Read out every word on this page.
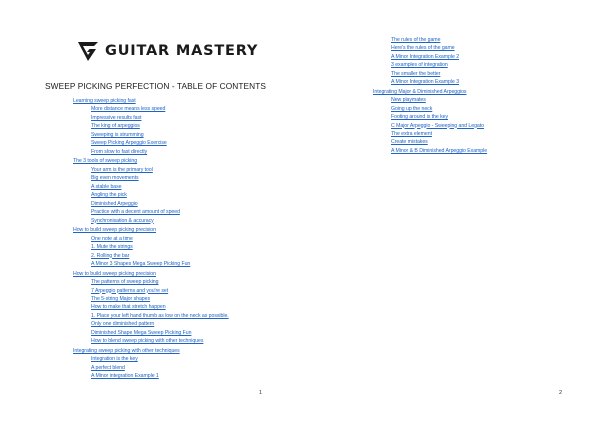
GUITAR MASTERY
SWEEP PICKING PERFECTION - TABLE OF CONTENTS
Learning sweep picking fast
More distance means less speed
Impressive results fast
The king of arpeggios
Sweeping is strumming
Sweep Picking Arpeggio Exercise
From slow to fast directly
The 3 tools of sweep picking
Your arm is the primary tool
Big even movements
A stable base
Angling the pick
Diminished Arpeggio
Practice with a decent amount of speed
Synchronisation & accuracy
How to build sweep picking precision
One note at a time
1. Mute the strings
2. Rolling the bar
A Minor 3 Shapes Mega Sweep Picking Fun
How to build sweep picking precision
The patterns of sweep picking
7 Arpeggio patterns and you're set
The 5-string Major shapes
How to make that stretch happen
1. Place your left hand thumb as low on the neck as possible.
Only one diminished pattern
Diminished Shape Mega Sweep Picking Fun
How to blend sweep picking with other techniques
Integrating sweep picking with other techniques
Integration is the key
A perfect blend
A Minor integration Example 1
1
The rules of the game
Here's the rules of the game
A Minor Integration Example 2
3 examples of integration
The smaller the better
A Minor Integration Example 3
Integrating Major & Diminished Arpeggios
New playmates
Going up the neck
Footing around is the key
C Major Arpeggio - Sweeping and Legato
The extra element
Create mistakes
A Minor & B Diminished Arpeggio Example
2
